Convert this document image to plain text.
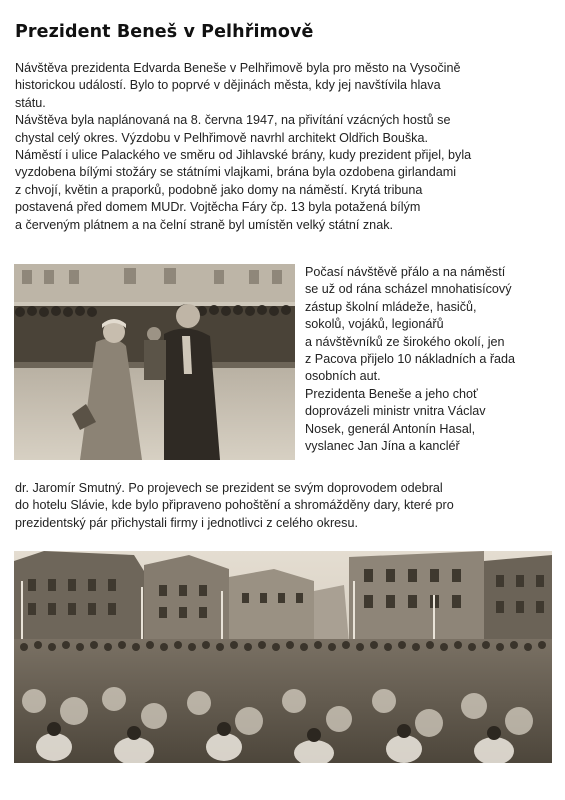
Prezident Beneš v Pelhřimově
Návštěva prezidenta Edvarda Beneše v Pelhřimově byla pro město na Vysočině
historickou událostí. Bylo to poprvé v dějinách města, kdy jej navštívila hlava
státu.
Návštěva byla naplánovaná na 8. června 1947, na přivítání vzácných hostů se
chystal celý okres. Výzdobu v Pelhřimově navrhl architekt Oldřich Bouška.
Náměstí i ulice Palackého ve směru od Jihlavské brány, kudy prezident přijel, byla
vyzdobena bílými stožáry se státními vlajkami, brána byla ozdobena girlandami
z chvojí, květin a praporků, podobně jako domy na náměstí. Krytá tribuna
postavená před domem MUDr. Vojtěcha Fáry čp. 13 byla potažená bílým
a červeným plátnem a na čelní straně byl umístěn velký státní znak.
Počasí návštěvě přálo a na náměstí
se už od rána scházel mnohatisícový
zástup školní mládeže, hasičů,
sokolů, vojáků, legionářů
a návštěvníků ze širokého okolí, jen
z Pacova přijelo 10 nákladních a řada
osobních aut.
Prezidenta Beneše a jeho choť
doprovázeli ministr vnitra Václav
Nosek, generál Antonín Hasal,
vyslanec Jan Jína a kancléř
dr. Jaromír Smutný. Po projevech se prezident se svým doprovodem odebral
do hotelu Slávie, kde bylo připraveno pohoštění a shromážděny dary, které pro
prezidentský pár přichystali firmy i jednotlivci z celého okresu.
